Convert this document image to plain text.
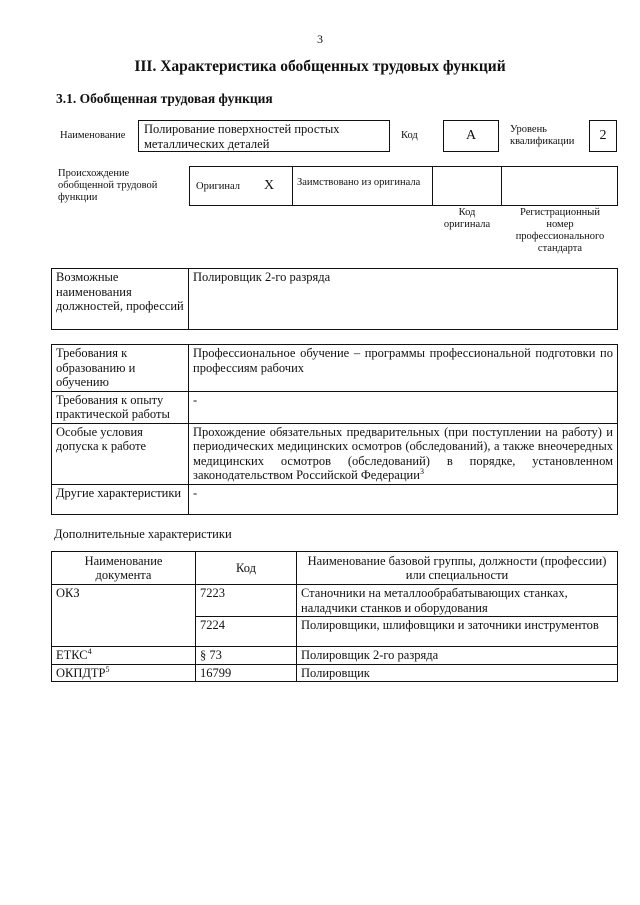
3
III. Характеристика обобщенных трудовых функций
3.1. Обобщенная трудовая функция
Наименование	Полирование поверхностей простых металлических деталей
Код	A	Уровень квалификации	2
Происхождение обобщенной трудовой функции
Оригинал X	Заимствовано из оригинала
Код оригинала
Регистрационный номер профессионального стандарта
Возможные наименования должностей, профессий	Полировщик 2-го разряда
Требования к образованию и обучению	Профессиональное обучение – программы профессиональной подготовки по профессиям рабочих
Требования к опыту практической работы	-
Особые условия допуска к работе	Прохождение обязательных предварительных (при поступлении на работу) и периодических медицинских осмотров (обследований), а также внеочередных медицинских осмотров (обследований) в порядке, установленном законодательством Российской Федерации$^3$
Другие характеристики	-
Дополнительные характеристики
Наименование документа	Код	Наименование базовой группы, должности (профессии) или специальности
ОКЗ	7223	Станочники на металлообрабатывающих станках, наладчики станков и оборудования
	7224	Полировщики, шлифовщики и заточники инструментов
ЕТКС$^4$	§ 73	Полировщик 2-го разряда
ОКПДТР$^5$	16799	Полировщик
